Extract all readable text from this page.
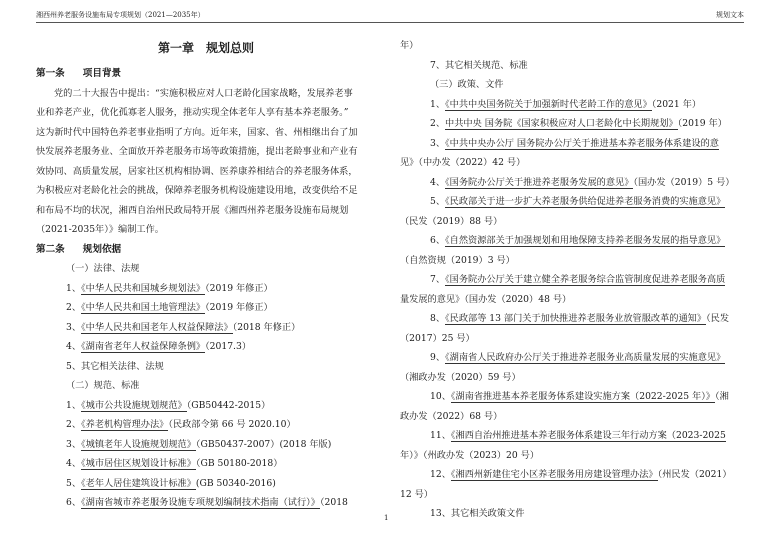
湘西州养老服务设施布局专项规划（2021—2035年）	规划文本
第一章　规划总则
第一条 项目背景
党的二十大报告中提出：“实施积极应对人口老龄化国家战略，发展养老事
业和养老产业，优化孤寡老人服务，推动实现全体老年人享有基本养老服务。”
这为新时代中国特色养老事业指明了方向。近年来，国家、省、州相继出台了加
快发展养老服务业、全面放开养老服务市场等政策措施，提出老龄事业和产业有
效协同、高质量发展，居家社区机构相协调、医养康养相结合的养老服务体系，
为积极应对老龄化社会的挑战，保障养老服务机构设施建设用地，改变供给不足
和布局不均的状况，湘西自治州民政局特开展《湘西州养老服务设施布局规划
（2021-2035年）》编制工作。
第二条 规划依据
（一）法律、法规
1、《中华人民共和国城乡规划法》（2019 年修正）
2、《中华人民共和国土地管理法》（2019 年修正）
3、《中华人民共和国老年人权益保障法》（2018 年修正）
4、《湖南省老年人权益保障条例》（2017.3）
5、其它相关法律、法规
（二）规范、标准
1、《城市公共设施规划规范》（GB50442-2015）
2、《养老机构管理办法》（民政部令第 66 号 2020.10）
3、《城镇老年人设施规划规范》（GB50437-2007）(2018 年版)
4、《城市居住区规划设计标准》（GB 50180-2018）
5、《老年人居住建筑设计标准》(GB 50340-2016)
6、《湖南省城市养老服务设施专项规划编制技术指南（试行）》（2018
年）
7、其它相关规范、标准
（三）政策、文件
1、《中共中央国务院关于加强新时代老龄工作的意见》（2021 年）
2、中共中央 国务院《国家积极应对人口老龄化中长期规划》（2019 年）
3、《中共中央办公厅 国务院办公厅关于推进基本养老服务体系建设的意
见》（中办发（2022）42 号）
4、《国务院办公厅关于推进养老服务发展的意见》（国办发（2019）5 号）
5、《民政部关于进一步扩大养老服务供给促进养老服务消费的实施意见》
（民发（2019）88 号）
6、《自然资源部关于加强规划和用地保障支持养老服务发展的指导意见》
（自然资规（2019）3 号）
7、《国务院办公厅关于建立健全养老服务综合监管制度促进养老服务高质
量发展的意见》（国办发（2020）48 号）
8、《民政部等 13 部门关于加快推进养老服务业放管服改革的通知》（民发
（2017）25 号）
9、《湖南省人民政府办公厅关于推进养老服务业高质量发展的实施意见》
（湘政办发（2020）59 号）
10、《湖南省推进基本养老服务体系建设实施方案（2022-2025 年）》（湘
政办发（2022）68 号）
11、《湘西自治州推进基本养老服务体系建设三年行动方案（2023-2025
年）》（州政办发（2023）20 号）
12、《湘西州新建住宅小区养老服务用房建设管理办法》（州民发（2021）
12 号）
13、其它相关政策文件
1
